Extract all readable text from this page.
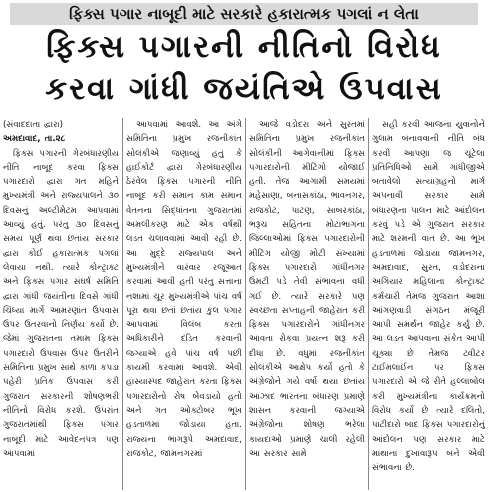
ફિક્સ પગાર નાબૂદી માટે સરકારે હકારાત્મક પગલાં ન લેતા
ફિક્સ પગારની નીતિનો વિરોધ
કરવા ગાંધી જયંતિએ ઉપવાસ
(સંવાદદાતા દ્વારા)
અમદાવાદ, તા.૨૮

ફિક્સ પગારની ગેરબંધારણીય નીતિ નાબૂદ કરવા ફિક્સ પગારદારો દ્વારા ગત મહિને મુખ્યમંત્રી અને રાજ્યપાલને ૩૦ દિવસનું અલ્ટીમેટમ આપવામાં આવ્યું હતું. પરંતુ ૩૦ દિવસનું સમય પૂર્ણ થવા છતાંય સરકાર દ્વારા કોઈ હકારાત્મક પગલાં લેવાયા નથી. ત્યારે કોન્ટ્રાક્ટ અને ફિક્સ પગાર સંઘર્ષ સમિતિ દ્વારા ગાંધી જયંતીના દિવસે ગાંધી ચિંધ્યા માર્ગે આમરણાંત ઉપવાસ ઉપર ઉતરવાનો નિર્ણય કર્યો છે. જેમાં ગુજરાતના તમામ ફિક્સ પગારદારો ઉપવાસ ઉપર ઉતરીને સમિતિના પ્રમુખ સાથે કાળા કપડા પહેરી પ્રતિક ઉપવાસ કરી ગુજરાત સરકારની શોષણભરી નીતિનો વિરોધ કરશે. ઉપરાંત ગુજરાતમાંથી ફિક્સ પગાર નાબૂદી માટે આવેદનપત્ર પણ આપવામાં

આપવામાં આવશે. આ અંગે સમિતિના પ્રમુખ રજનીકાંત સોલંકીએ જણાવ્યું હતું કે હાઈકોર્ટ દ્વારા ગેરબંધારણીય ઠેરવેલ ફિક્સ પગારની નીતિ નાબૂદ કરી સમાન કામ સમાન વેતનના સિદ્ધાંતના ગુજરાતમાં અમલીકરણ માટે એક વર્ષથી લડત ચલાવવામાં આવી રહી છે. આ મુદ્દે રાજ્યપાલ અને મુખ્યમંત્રીને વારંવાર રજૂઆત કરવામાં આવી હતી પરંતુ સત્તાના નશામાં ચૂર મુખ્યમંત્રીએ પાંચ વર્ષ પૂરા થવા છતાં છતાંય કુલ પગાર આપવામાં વિલંબ કરતા અધિકારીને દંડિત કરવાની જગ્યાએ હવે પાંચ વર્ષ પછી કાયમી કરવામાં આવશે. એવી હાસ્યાસ્પદ જાહેરાત કરતા ફિક્સ પગારદારોનો રોષ બેવડાયો હતો અને ગત ઓક્ટોબર ભૂખ હડતાળમાં જોડાયા હતા. રાજ્યના ભાગરૂપે અમદાવાદ, રાજકોટ, જામનગરમાં

આજે વડોદરા અને સુરતમાં સમિતિના પ્રમુખ રજનીકાંત સોલંકીની આગેવાનીમાં ફિક્સ પગારદારોની મીટિંગો યોજાઈ હતી. તેજ આગામી સમયમાં મહેસાણા, બનાસકાંઠા, ભાવનગર, રાજકોટ, પાટણ, સાબરકાંઠા, ભરૂચ સહિતના મોટાભાગના જિલ્લાઓમાં ફિક્સ પગારદારોની મીટિંગ યોજી મોટી સંખ્યામાં ફિક્સ પગારદારો ગાંધીનગર ઉમટી પડે તેવી સંભાવના વધી ગઈ છે. ત્યારે સરકારે પણ સ્વચ્છતા સપ્તાહની જાહેરાત કરી ફિક્સ પગારદારોને ગાંધીનગર આવતા રોકવા પ્રયત્ન શરૂ કરી દીધા છે. વધુમાં રજનીકાંત સોલંકીએ આક્ષેપ કર્યો હતો કે અંગ્રેજોને ગયે વર્ષો થયા છતાંય આઝાદ ભારતના બંધારણ પ્રમાણે શાસન કરવાની જગ્યાએ અંગ્રેજોના શોષણ ભરેલા કાયદાઓ પ્રમાણે ચાલી રહેલી આ સરકાર સામે

સહી કરવી આજના યુવાનોને ગુલામ બનાવવાની નીતિ બંધ કરવી આપણા જ ચૂંટેલા પ્રતિનિધિઓ સામે ગાંધીજીએ બતાવેલો સત્યાગ્રહનો માર્ગ અપનાવી સરકાર સામે બંધારણના પાલન માટે આંદોલન કરવું પડે એ ગુજરાત સરકાર માટે શરમની વાત છે. આ ભૂખ હડતાળમાં જોડાયા જામનગર, અમદાવાદ, સુરત, વડોદરાના અગિયાર મહિલાના કોન્ટ્રાક્ટ કર્મચારી તેમજ ગુજરાત આશા આંગણવાડી સંગઠન મંજૂરી આપી સમર્થન જાહેર કર્યું છે. આ લડત આપવાના સંકેત આપી ચૂક્યા છે તેમજ ટ્વીટર ટાઈમલાઈન પર ફિક્સ પગારદારો એ જે રીતે હલ્લાબોલ કરી મુખ્યમંત્રીના કાર્યક્રમનો વિરોધ કર્યો છે ત્યારે દલિતો, પાટીદારો બાદ ફિક્સ પગારદારોનું આંદોલન પણ સરકાર માટે માથાના દુખાવારૂપ બને એવી સંભાવના છે.
